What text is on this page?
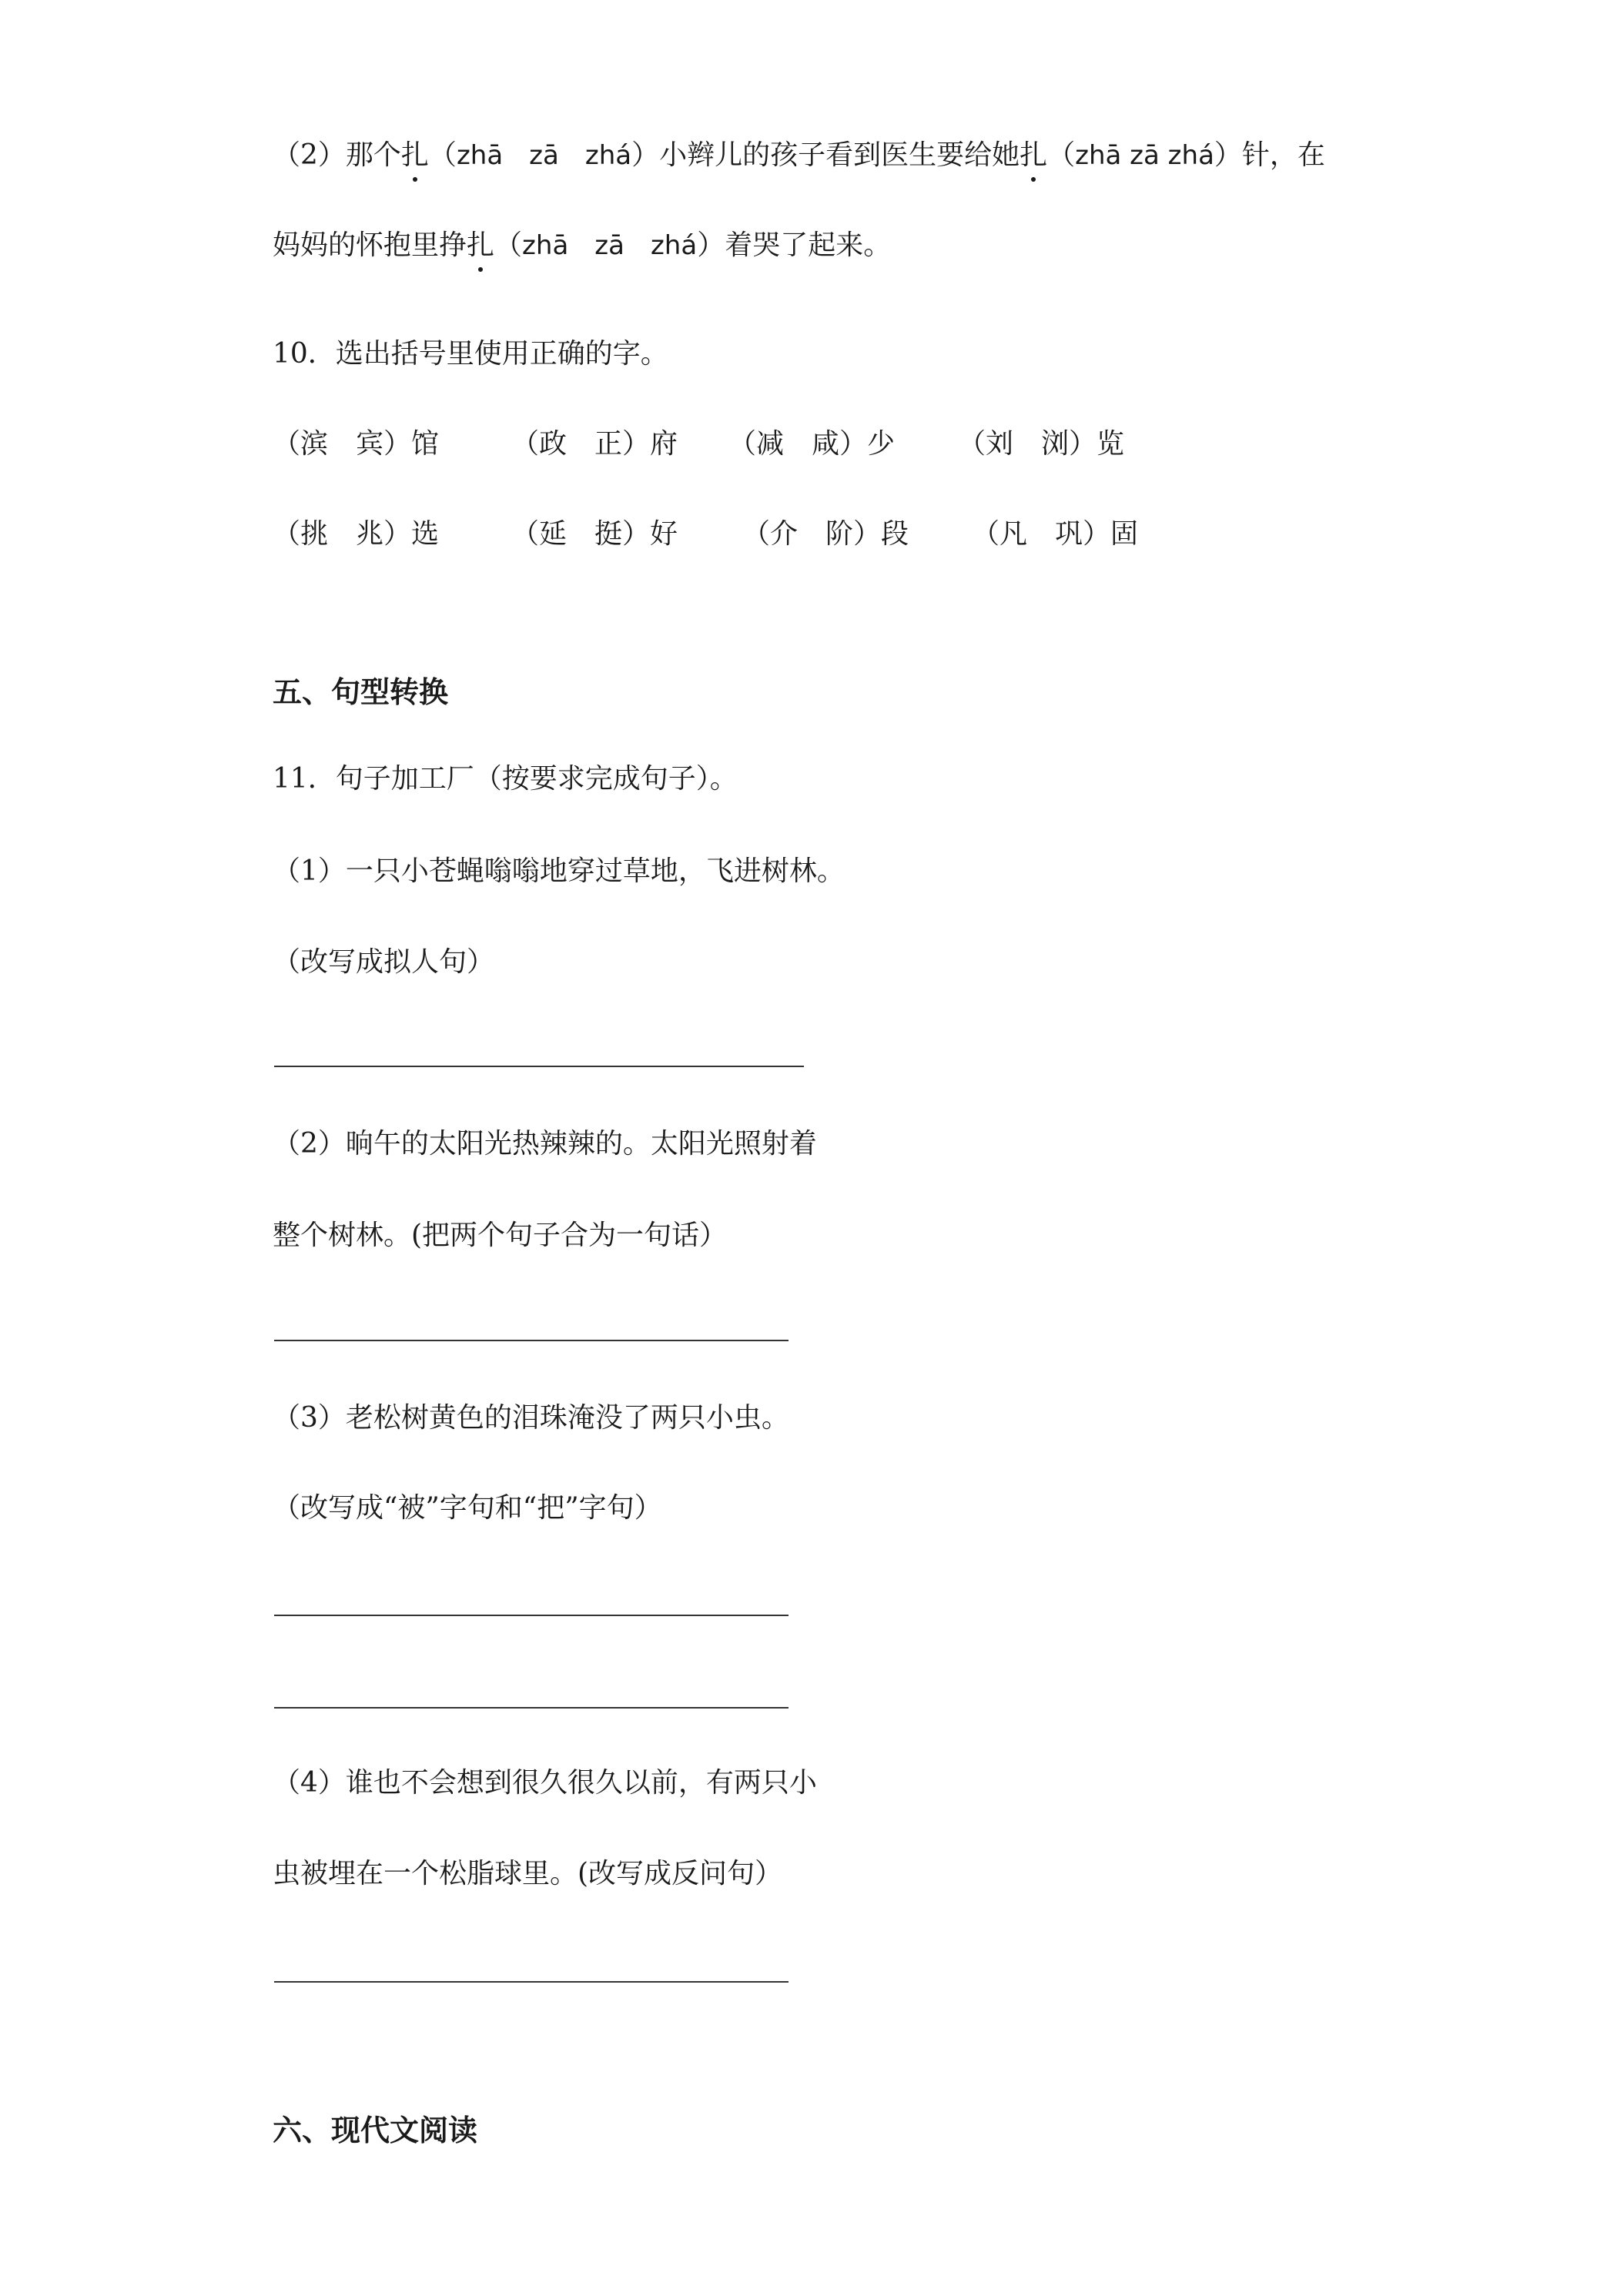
（2）那个扎（zhā　zā　zhá）小辫儿的孩子看到医生要给她扎（zhā zā zhá）针，在
妈妈的怀抱里挣扎（zhā　zā　zhá）着哭了起来。
10．选出括号里使用正确的字。
（滨　宾）馆	（政　正）府 （减　咸）少 （刘　浏）览
（挑　兆）选	（延　挺）好 （介　阶）段 （凡　巩）固
五、句型转换
11．句子加工厂（按要求完成句子）。
（1）一只小苍蝇嗡嗡地穿过草地，飞进树林。
（改写成拟人句）
（2）晌午的太阳光热辣辣的。太阳光照射着
整个树林。(把两个句子合为一句话）
（3）老松树黄色的泪珠淹没了两只小虫。
（改写成“被”字句和“把”字句）
（4）谁也不会想到很久很久以前，有两只小
虫被埋在一个松脂球里。(改写成反问句）
六、现代文阅读
